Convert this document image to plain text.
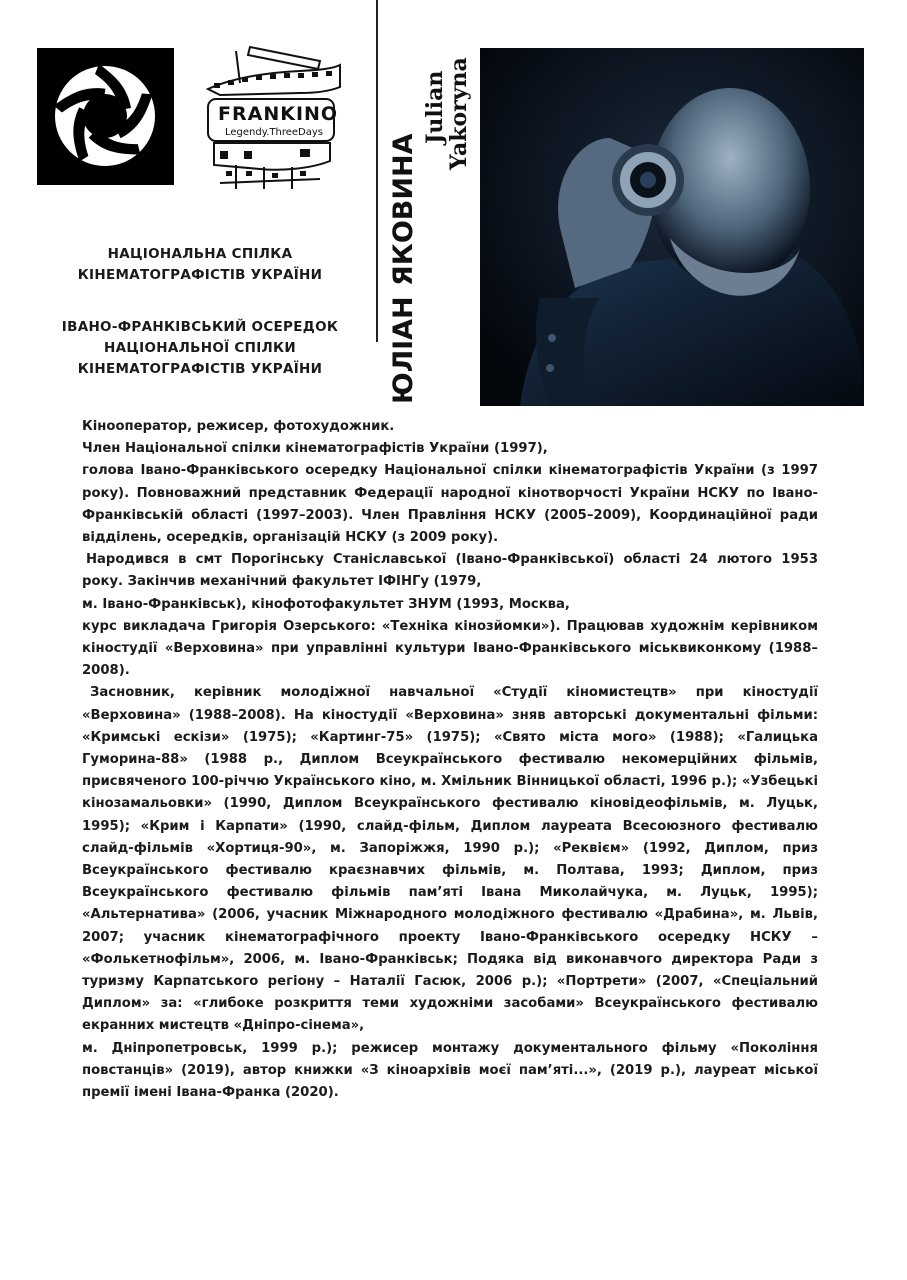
FRANKINO
Legendy.ThreeDays
НАЦІОНАЛЬНА СПІЛКА
КІНЕМАТОГРАФІСТІВ УКРАЇНИ
ІВАНО-ФРАНКІВСЬКИЙ ОСЕРЕДОК
НАЦІОНАЛЬНОЇ СПІЛКИ
КІНЕМАТОГРАФІСТІВ УКРАЇНИ	ЮЛІАН
ЯКОВИНА
Julian
Yakoryna

Кінооператор, режисер, фотохудожник.

Член Національної спілки кінематографістів України (1997),

голова Івано-Франківського осередку Національної спілки кінематографістів України (з 1997 року). Повноважний представник Федерації народної кінотворчості України НСКУ по Івано-Франківській області (1997–2003). Член Правління НСКУ (2005–2009), Координаційної ради відділень, осередків, організацій НСКУ (з 2009 року).

Народився в смт Порогінську Станіславської (Івано-Франківської) області 24 лютого 1953 року. Закінчив механічний факультет ІФІНГу (1979,

м. Івано-Франківськ), кінофотофакультет ЗНУМ (1993, Москва,

курс викладача Григорія Озерського: «Техніка кінозйомки»). Працював художнім керівником кіностудії «Верховина» при управлінні культури Івано-Франківського міськвиконкому (1988–2008).

Засновник, керівник молодіжної навчальної «Студії кіномистецтв» при кіностудії «Верховина» (1988–2008). На кіностудії «Верховина» зняв авторські документальні фільми: «Кримські ескізи» (1975); «Картинг-75» (1975); «Свято міста мого» (1988); «Галицька Гуморина-88» (1988 р., Диплом Всеукраїнського фестивалю некомерційних фільмів, присвяченого 100-річчю Українського кіно, м. Хмільник Вінницької області, 1996 р.); «Узбецькі кінозамальовки» (1990, Диплом Всеукраїнського фестивалю кіновідеофільмів, м. Луцьк, 1995); «Крим і Карпати» (1990, слайд-фільм, Диплом лауреата Всесоюзного фестивалю слайд-фільмів «Хортиця-90», м. Запоріжжя, 1990 р.); «Реквієм» (1992, Диплом, приз Всеукраїнського фестивалю краєзнавчих фільмів, м. Полтава, 1993; Диплом, приз Всеукраїнського фестивалю фільмів пам’яті Івана Миколайчука, м. Луцьк, 1995); «Альтернатива» (2006, учасник Міжнародного молодіжного фестивалю «Драбина», м. Львів, 2007; учасник кінематографічного проекту Івано-Франківського осередку НСКУ – «Фолькетнофільм», 2006, м. Івано-Франківськ; Подяка від виконавчого директора Ради з туризму Карпатського регіону – Наталії Гасюк, 2006 р.); «Портрети» (2007, «Спеціальний Диплом» за: «глибоке розкриття теми художніми засобами» Всеукраїнського фестивалю екранних мистецтв «Дніпро-сінема»,

м. Дніпропетровськ, 1999 р.); режисер монтажу документального фільму «Покоління повстанців» (2019), автор книжки «З кіноархівів моєї пам’яті...», (2019 р.), лауреат міської премії імені Івана-Франка (2020).
